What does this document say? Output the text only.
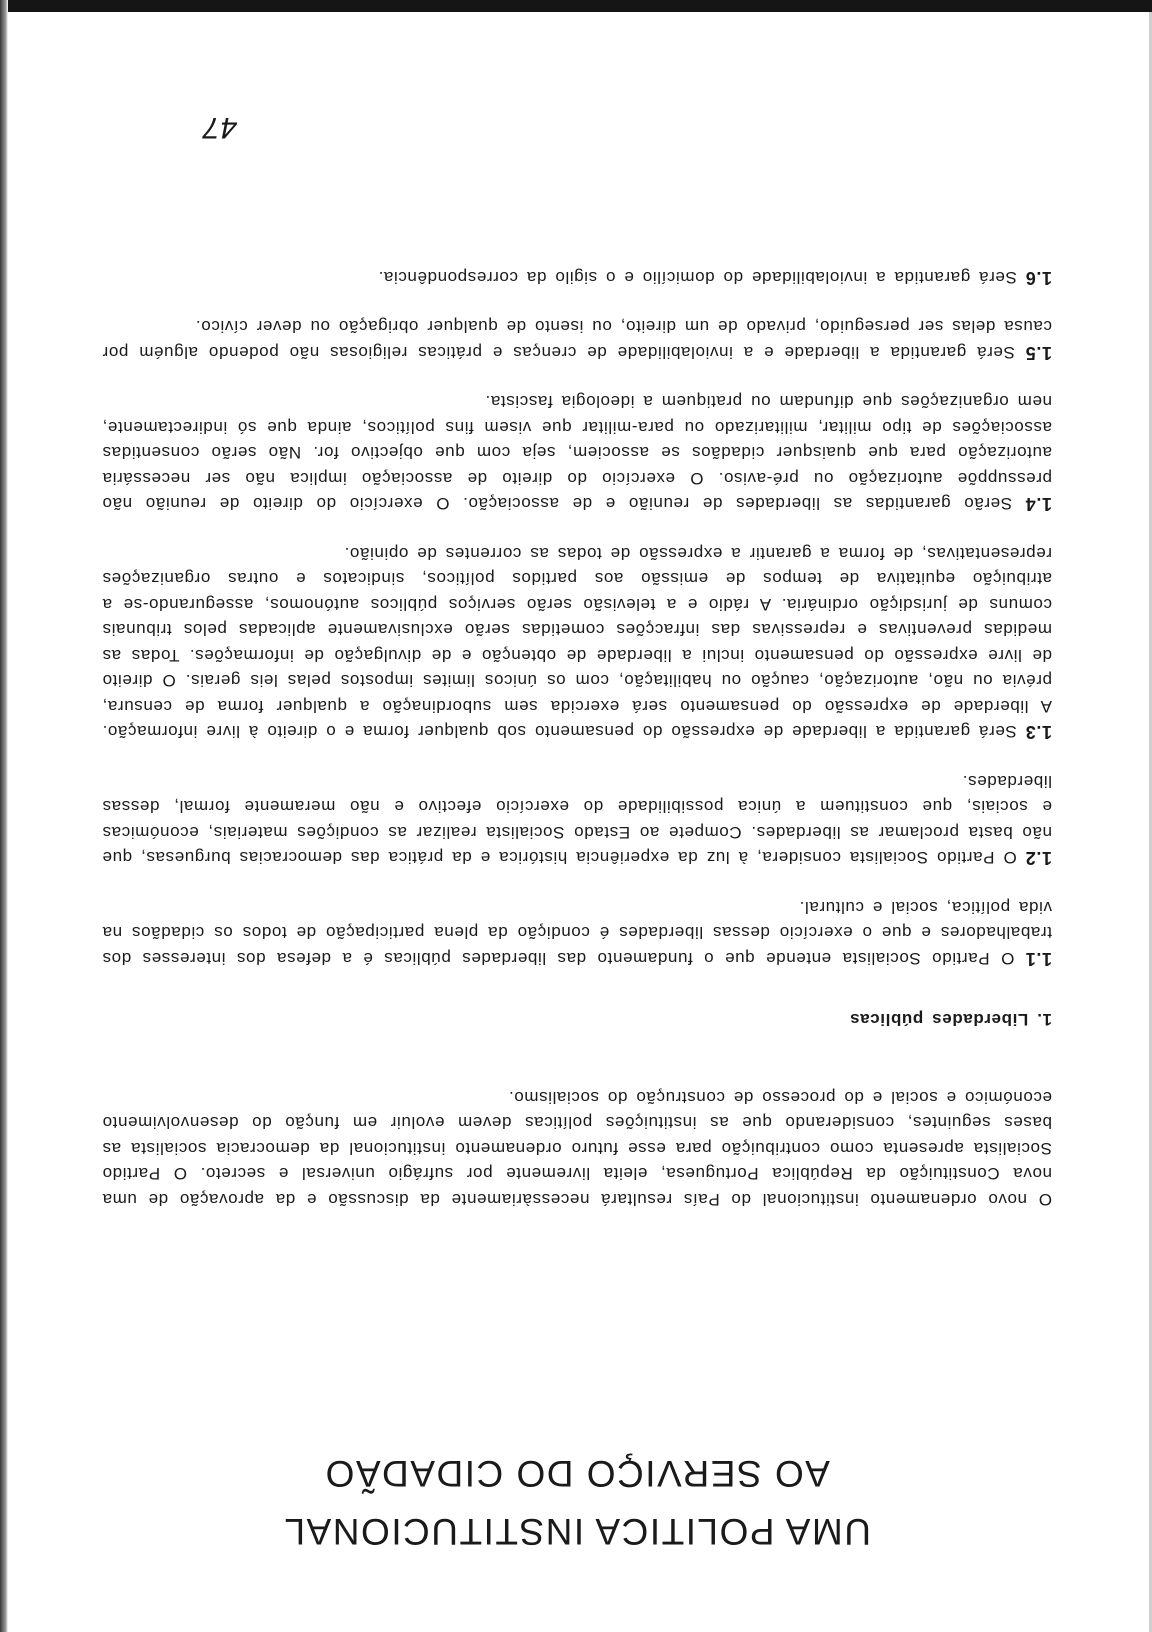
UMA POLITICA INSTITUCIONAL
AO SERVIÇO DO CIDADÃO

O novo ordenamento institucional do País resultará necessàriamente da discussão e da aprovação de uma nova Constituição da República Portuguesa, eleita livremente por sufrágio universal e secreto. O Partido Socialista apresenta como contribuição para esse futuro ordenamento institucional da democracia socialista as bases seguintes, considerando que as instituições políticas devem evoluir em função do desenvolvimento económico e social e do processo de construção do socialismo.

1. Liberdades públicas

1.1 O Partido Socialista entende que o fundamento das liberdades públicas é a defesa dos interesses dos trabalhadores e que o exercício dessas liberdades é condição da plena participação de todos os cidadãos na vida política, social e cultural.

1.2 O Partido Socialista considera, à luz da experiência histórica e da prática das democracias burguesas, que não basta proclamar as liberdades. Compete ao Estado Socialista realizar as condições materiais, económicas e sociais, que constituem a única possibilidade do exercício efectivo e não meramente formal, dessas liberdades.

1.3 Será garantida a liberdade de expressão do pensamento sob qualquer forma e o direito à livre informação. A liberdade de expressão do pensamento será exercida sem subordinação a qualquer forma de censura, prévia ou não, autorização, caução ou habilitação, com os únicos limites impostos pelas leis gerais. O direito de livre expressão do pensamento inclui a liberdade de obtenção e de divulgação de informações. Todas as medidas preventivas e repressivas das infracções cometidas serão exclusivamente aplicadas pelos tribunais comuns de jurisdição ordinária. A rádio e a televisão serão serviços públicos autónomos, assegurando-se a atribuição equitativa de tempos de emissão aos partidos políticos, sindicatos e outras organizações representativas, de forma a garantir a expressão de todas as correntes de opinião.

1.4 Serão garantidas as liberdades de reunião e de associação. O exercício do direito de reunião não pressuppõe autorização ou pré-aviso. O exercício do direito de associação implica não ser necessária autorização para que quaisquer cidadãos se associem, seja com que objectivo for. Não serão consentidas associações de tipo militar, militarizado ou para-militar que visem fins políticos, ainda que só indirectamente, nem organizações que difundam ou pratiquem a ideologia fascista.

1.5 Será garantida a liberdade e a inviolabilidade de crenças e práticas religiosas não podendo alguém por causa delas ser perseguido, privado de um direito, ou isento de qualquer obrigação ou dever cívico.

1.6 Será garantida a inviolabilidade do domicílio e o sigilo da correspondência.

47
